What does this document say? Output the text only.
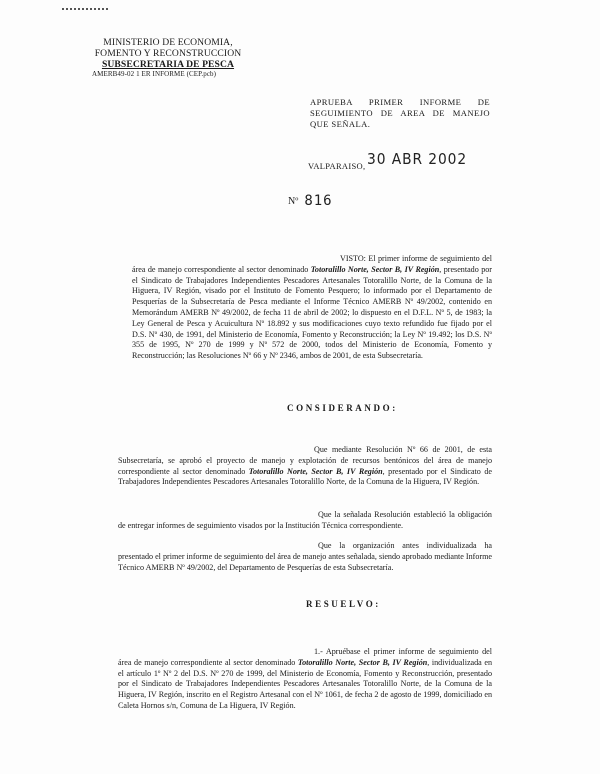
MINISTERIO DE ECONOMIA,
FOMENTO Y RECONSTRUCCION
SUBSECRETARIA DE PESCA
AMERB49-02 1 ER INFORME (CEP.pcb)
APRUEBA PRIMER INFORME DE SEGUIMIENTO DE AREA DE MANEJO QUE SEÑALA.
VALPARAISO, 30 ABR 2002
Nº 816

VISTO: El primer informe de seguimiento del área de manejo correspondiente al sector denominado Totoralillo Norte, Sector B, IV Región, presentado por el Sindicato de Trabajadores Independientes Pescadores Artesanales Totoralillo Norte, de la Comuna de la Higuera, IV Región, visado por el Instituto de Fomento Pesquero; lo informado por el Departamento de Pesquerías de la Subsecretaría de Pesca mediante el Informe Técnico AMERB Nº 49/2002, contenido en Memorándum AMERB Nº 49/2002, de fecha 11 de abril de 2002; lo dispuesto en el D.F.L. Nº 5, de 1983; la Ley General de Pesca y Acuicultura Nº 18.892 y sus modificaciones cuyo texto refundido fue fijado por el D.S. Nº 430, de 1991, del Ministerio de Economía, Fomento y Reconstrucción; la Ley Nº 19.492; los D.S. Nº 355 de 1995, Nº 270 de 1999 y Nº 572 de 2000, todos del Ministerio de Economía, Fomento y Reconstrucción; las Resoluciones Nº 66 y Nº 2346, ambos de 2001, de esta Subsecretaría.

CONSIDERANDO:

Que mediante Resolución Nº 66 de 2001, de esta Subsecretaría, se aprobó el proyecto de manejo y explotación de recursos bentónicos del área de manejo correspondiente al sector denominado Totoralillo Norte, Sector B, IV Región, presentado por el Sindicato de Trabajadores Independientes Pescadores Artesanales Totoralillo Norte, de la Comuna de la Higuera, IV Región.

Que la señalada Resolución estableció la obligación de entregar informes de seguimiento visados por la Institución Técnica correspondiente.

Que la organización antes individualizada ha presentado el primer informe de seguimiento del área de manejo antes señalada, siendo aprobado mediante Informe Técnico AMERB Nº 49/2002, del Departamento de Pesquerías de esta Subsecretaría.

RESUELVO:

1.- Apruébase el primer informe de seguimiento del área de manejo correspondiente al sector denominado Totoralillo Norte, Sector B, IV Región, individualizada en el artículo 1º Nº 2 del D.S. Nº 270 de 1999, del Ministerio de Economía, Fomento y Reconstrucción, presentado por el Sindicato de Trabajadores Independientes Pescadores Artesanales Totoralillo Norte, de la Comuna de la Higuera, IV Región, inscrito en el Registro Artesanal con el Nº 1061, de fecha 2 de agosto de 1999, domiciliado en Caleta Hornos s/n, Comuna de La Higuera, IV Región.
